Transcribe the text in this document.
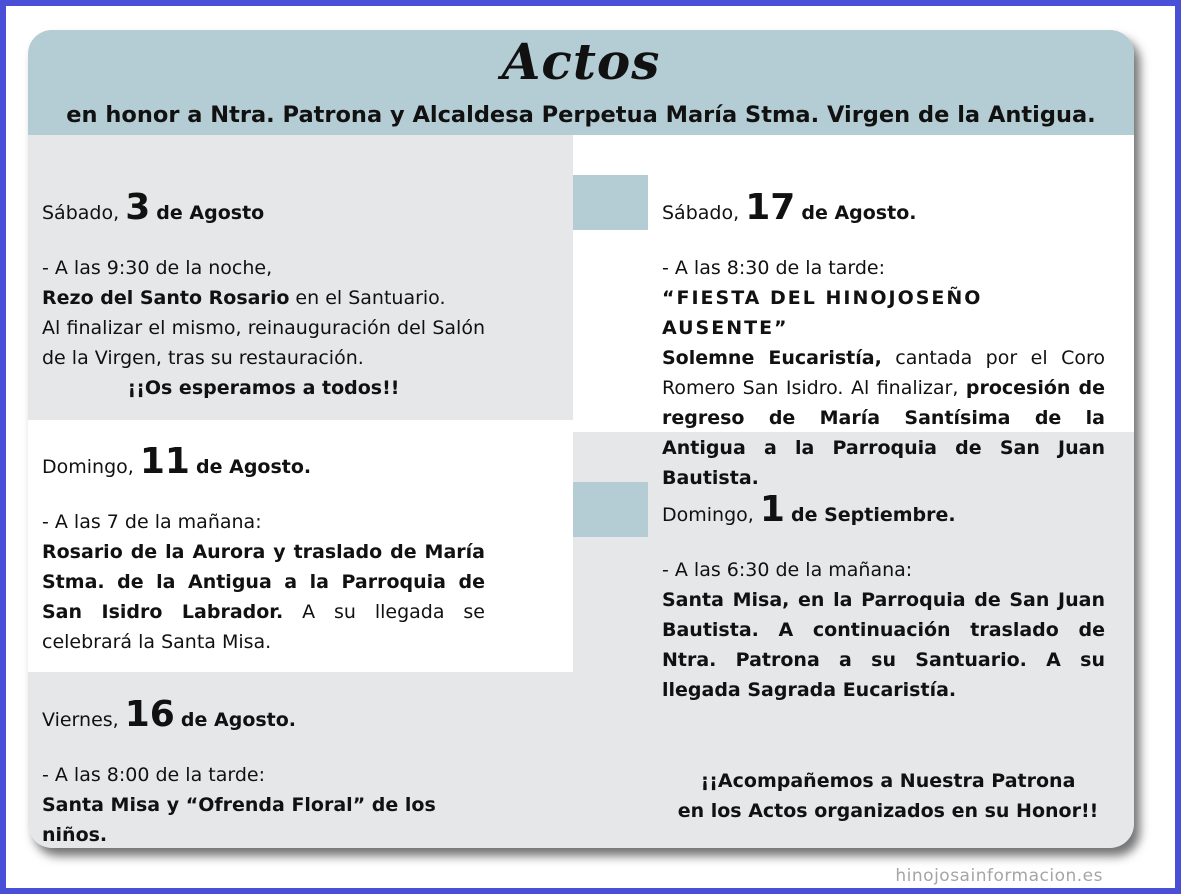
Actos
en honor a Ntra. Patrona y Alcaldesa Perpetua María Stma. Virgen de la Antigua.
Sábado, 3 de Agosto
- A las 9:30 de la noche,
Rezo del Santo Rosario en el Santuario.
Al finalizar el mismo, reinauguración del Salón de la Virgen, tras su restauración.
¡¡Os esperamos a todos!!
Domingo, 11 de Agosto.
- A las 7 de la mañana:
Rosario de la Aurora y traslado de María Stma. de la Antigua a la Parroquia de San Isidro Labrador. A su llegada se celebrará la Santa Misa.
Viernes, 16 de Agosto.
- A las 8:00 de la tarde:
Santa Misa y “Ofrenda Floral” de los niños.
Sábado, 17 de Agosto.
- A las 8:30 de la tarde:
“FIESTA DEL HINOJOSEÑO AUSENTE”
Solemne Eucaristía, cantada por el Coro Romero San Isidro. Al finalizar, procesión de regreso de María Santísima de la Antigua a la Parroquia de San Juan Bautista.
Domingo, 1 de Septiembre.
- A las 6:30 de la mañana:
Santa Misa, en la Parroquia de San Juan Bautista. A continuación traslado de Ntra. Patrona a su Santuario. A su llegada Sagrada Eucaristía.
¡¡Acompañemos a Nuestra Patrona
en los Actos organizados en su Honor!!
hinojosainformacion.es
